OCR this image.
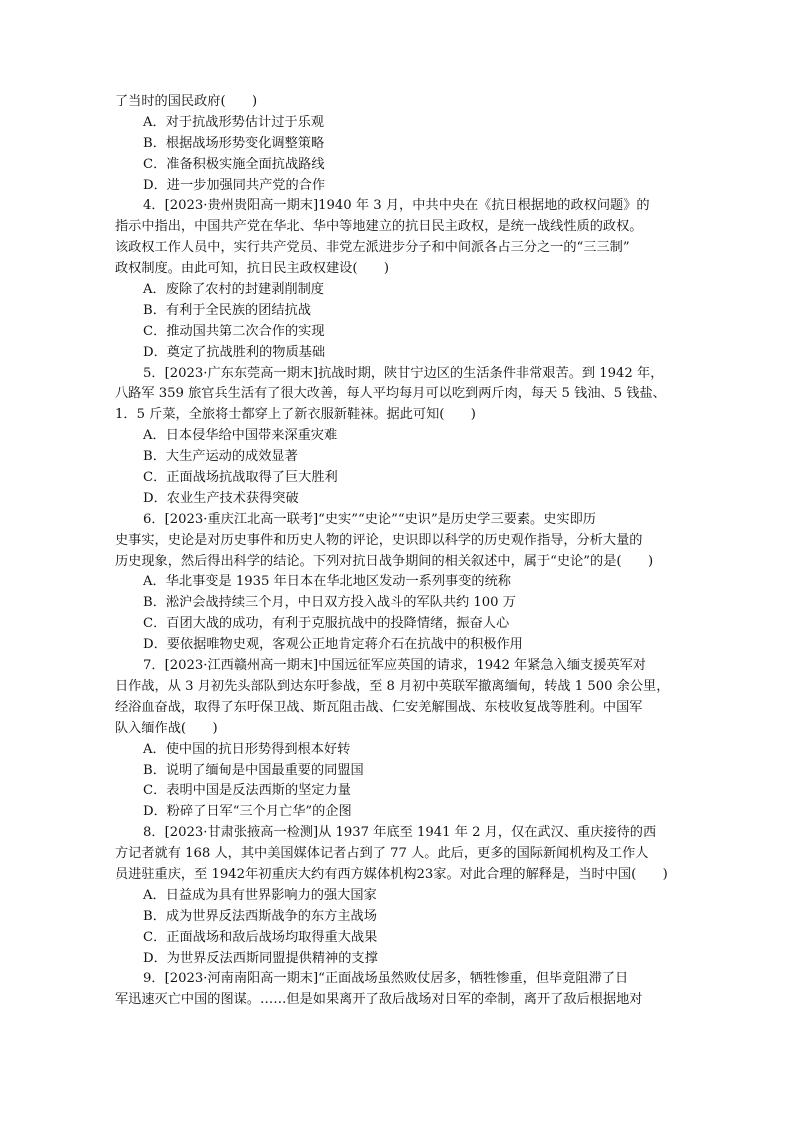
了当时的国民政府(　　)
A．对于抗战形势估计过于乐观
B．根据战场形势变化调整策略
C．准备积极实施全面抗战路线
D．进一步加强同共产党的合作
4．[2023·贵州贵阳高一期末]1940 年 3 月，中共中央在《抗日根据地的政权问题》的
指示中指出，中国共产党在华北、华中等地建立的抗日民主政权，是统一战线性质的政权。
该政权工作人员中，实行共产党员、非党左派进步分子和中间派各占三分之一的“三三制”
政权制度。由此可知，抗日民主政权建设(　　)
A．废除了农村的封建剥削制度
B．有利于全民族的团结抗战
C．推动国共第二次合作的实现
D．奠定了抗战胜利的物质基础
5．[2023·广东东莞高一期末]抗战时期，陕甘宁边区的生活条件非常艰苦。到 1942 年，
八路军 359 旅官兵生活有了很大改善，每人平均每月可以吃到两斤肉，每天 5 钱油、5 钱盐、
1．5 斤菜，全旅将士都穿上了新衣服新鞋袜。据此可知(　　)
A．日本侵华给中国带来深重灾难
B．大生产运动的成效显著
C．正面战场抗战取得了巨大胜利
D．农业生产技术获得突破
6．[2023·重庆江北高一联考]“史实”“史论”“史识”是历史学三要素。史实即历
史事实，史论是对历史事件和历史人物的评论，史识即以科学的历史观作指导，分析大量的
历史现象，然后得出科学的结论。下列对抗日战争期间的相关叙述中，属于“史论”的是(　　)
A．华北事变是 1935 年日本在华北地区发动一系列事变的统称
B．淞沪会战持续三个月，中日双方投入战斗的军队共约 100 万
C．百团大战的成功，有利于克服抗战中的投降情绪，振奋人心
D．要依据唯物史观，客观公正地肯定蒋介石在抗战中的积极作用
7．[2023·江西赣州高一期末]中国远征军应英国的请求，1942 年紧急入缅支援英军对
日作战，从 3 月初先头部队到达东吁参战，至 8 月初中英联军撤离缅甸，转战 1 500 余公里，
经浴血奋战，取得了东吁保卫战、斯瓦阻击战、仁安羌解围战、东枝收复战等胜利。中国军
队入缅作战(　　)
A．使中国的抗日形势得到根本好转
B．说明了缅甸是中国最重要的同盟国
C．表明中国是反法西斯的坚定力量
D．粉碎了日军“三个月亡华”的企图
8．[2023·甘肃张掖高一检测]从 1937 年底至 1941 年 2 月，仅在武汉、重庆接待的西
方记者就有 168 人，其中美国媒体记者占到了 77 人。此后，更多的国际新闻机构及工作人
员进驻重庆，至 1942年初重庆大约有西方媒体机构23家。对此合理的解释是，当时中国(　　)
A．日益成为具有世界影响力的强大国家
B．成为世界反法西斯战争的东方主战场
C．正面战场和敌后战场均取得重大战果
D．为世界反法西斯同盟提供精神的支撑
9．[2023·河南南阳高一期末]“正面战场虽然败仗居多，牺牲惨重，但毕竟阻滞了日
军迅速灭亡中国的图谋。……但是如果离开了敌后战场对日军的牵制，离开了敌后根据地对
